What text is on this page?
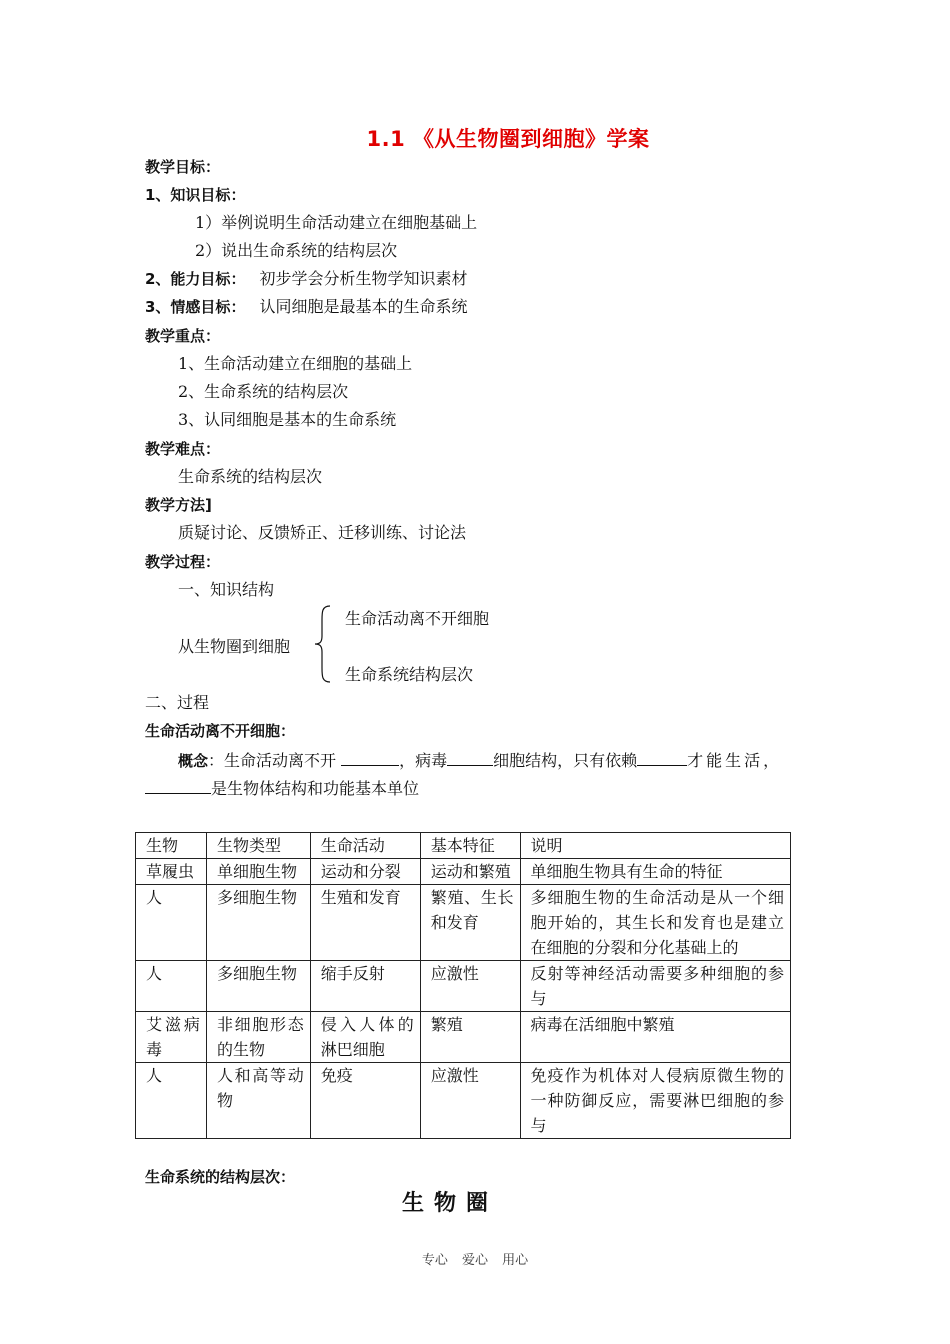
1.1 《从生物圈到细胞》学案
教学目标：
1、知识目标：
1）举例说明生命活动建立在细胞基础上
2）说出生命系统的结构层次
2、能力目标： 初步学会分析生物学知识素材
3、情感目标： 认同细胞是最基本的生命系统
教学重点：
1、生命活动建立在细胞的基础上
2、生命系统的结构层次
3、认同细胞是基本的生命系统
教学难点：
生命系统的结构层次
教学方法]
质疑讨论、反馈矫正、迁移训练、讨论法
教学过程：
一、知识结构
从生物圈到细胞
生命活动离不开细胞
生命系统结构层次
二、过程
生命活动离不开细胞：
概念：生命活动离不开	，病毒	细胞结构，只有依赖	才能生活，
是生物体结构和功能基本单位
生物	生物类型	生命活动	基本特征	说明
草履虫	单细胞生物	运动和分裂	运动和繁殖	单细胞生物具有生命的特征
人	多细胞生物	生殖和发育	繁殖、生长和发育	多细胞生物的生命活动是从一个细胞开始的，其生长和发育也是建立在细胞的分裂和分化基础上的
人	多细胞生物	缩手反射	应激性	反射等神经活动需要多种细胞的参与
艾滋病毒	非细胞形态的生物	侵入人体的淋巴细胞	繁殖	病毒在活细胞中繁殖
人	人和高等动物	免疫	应激性	免疫作为机体对人侵病原微生物的一种防御反应，需要淋巴细胞的参与
生命系统的结构层次：
生物圈
专心 爱心 用心
